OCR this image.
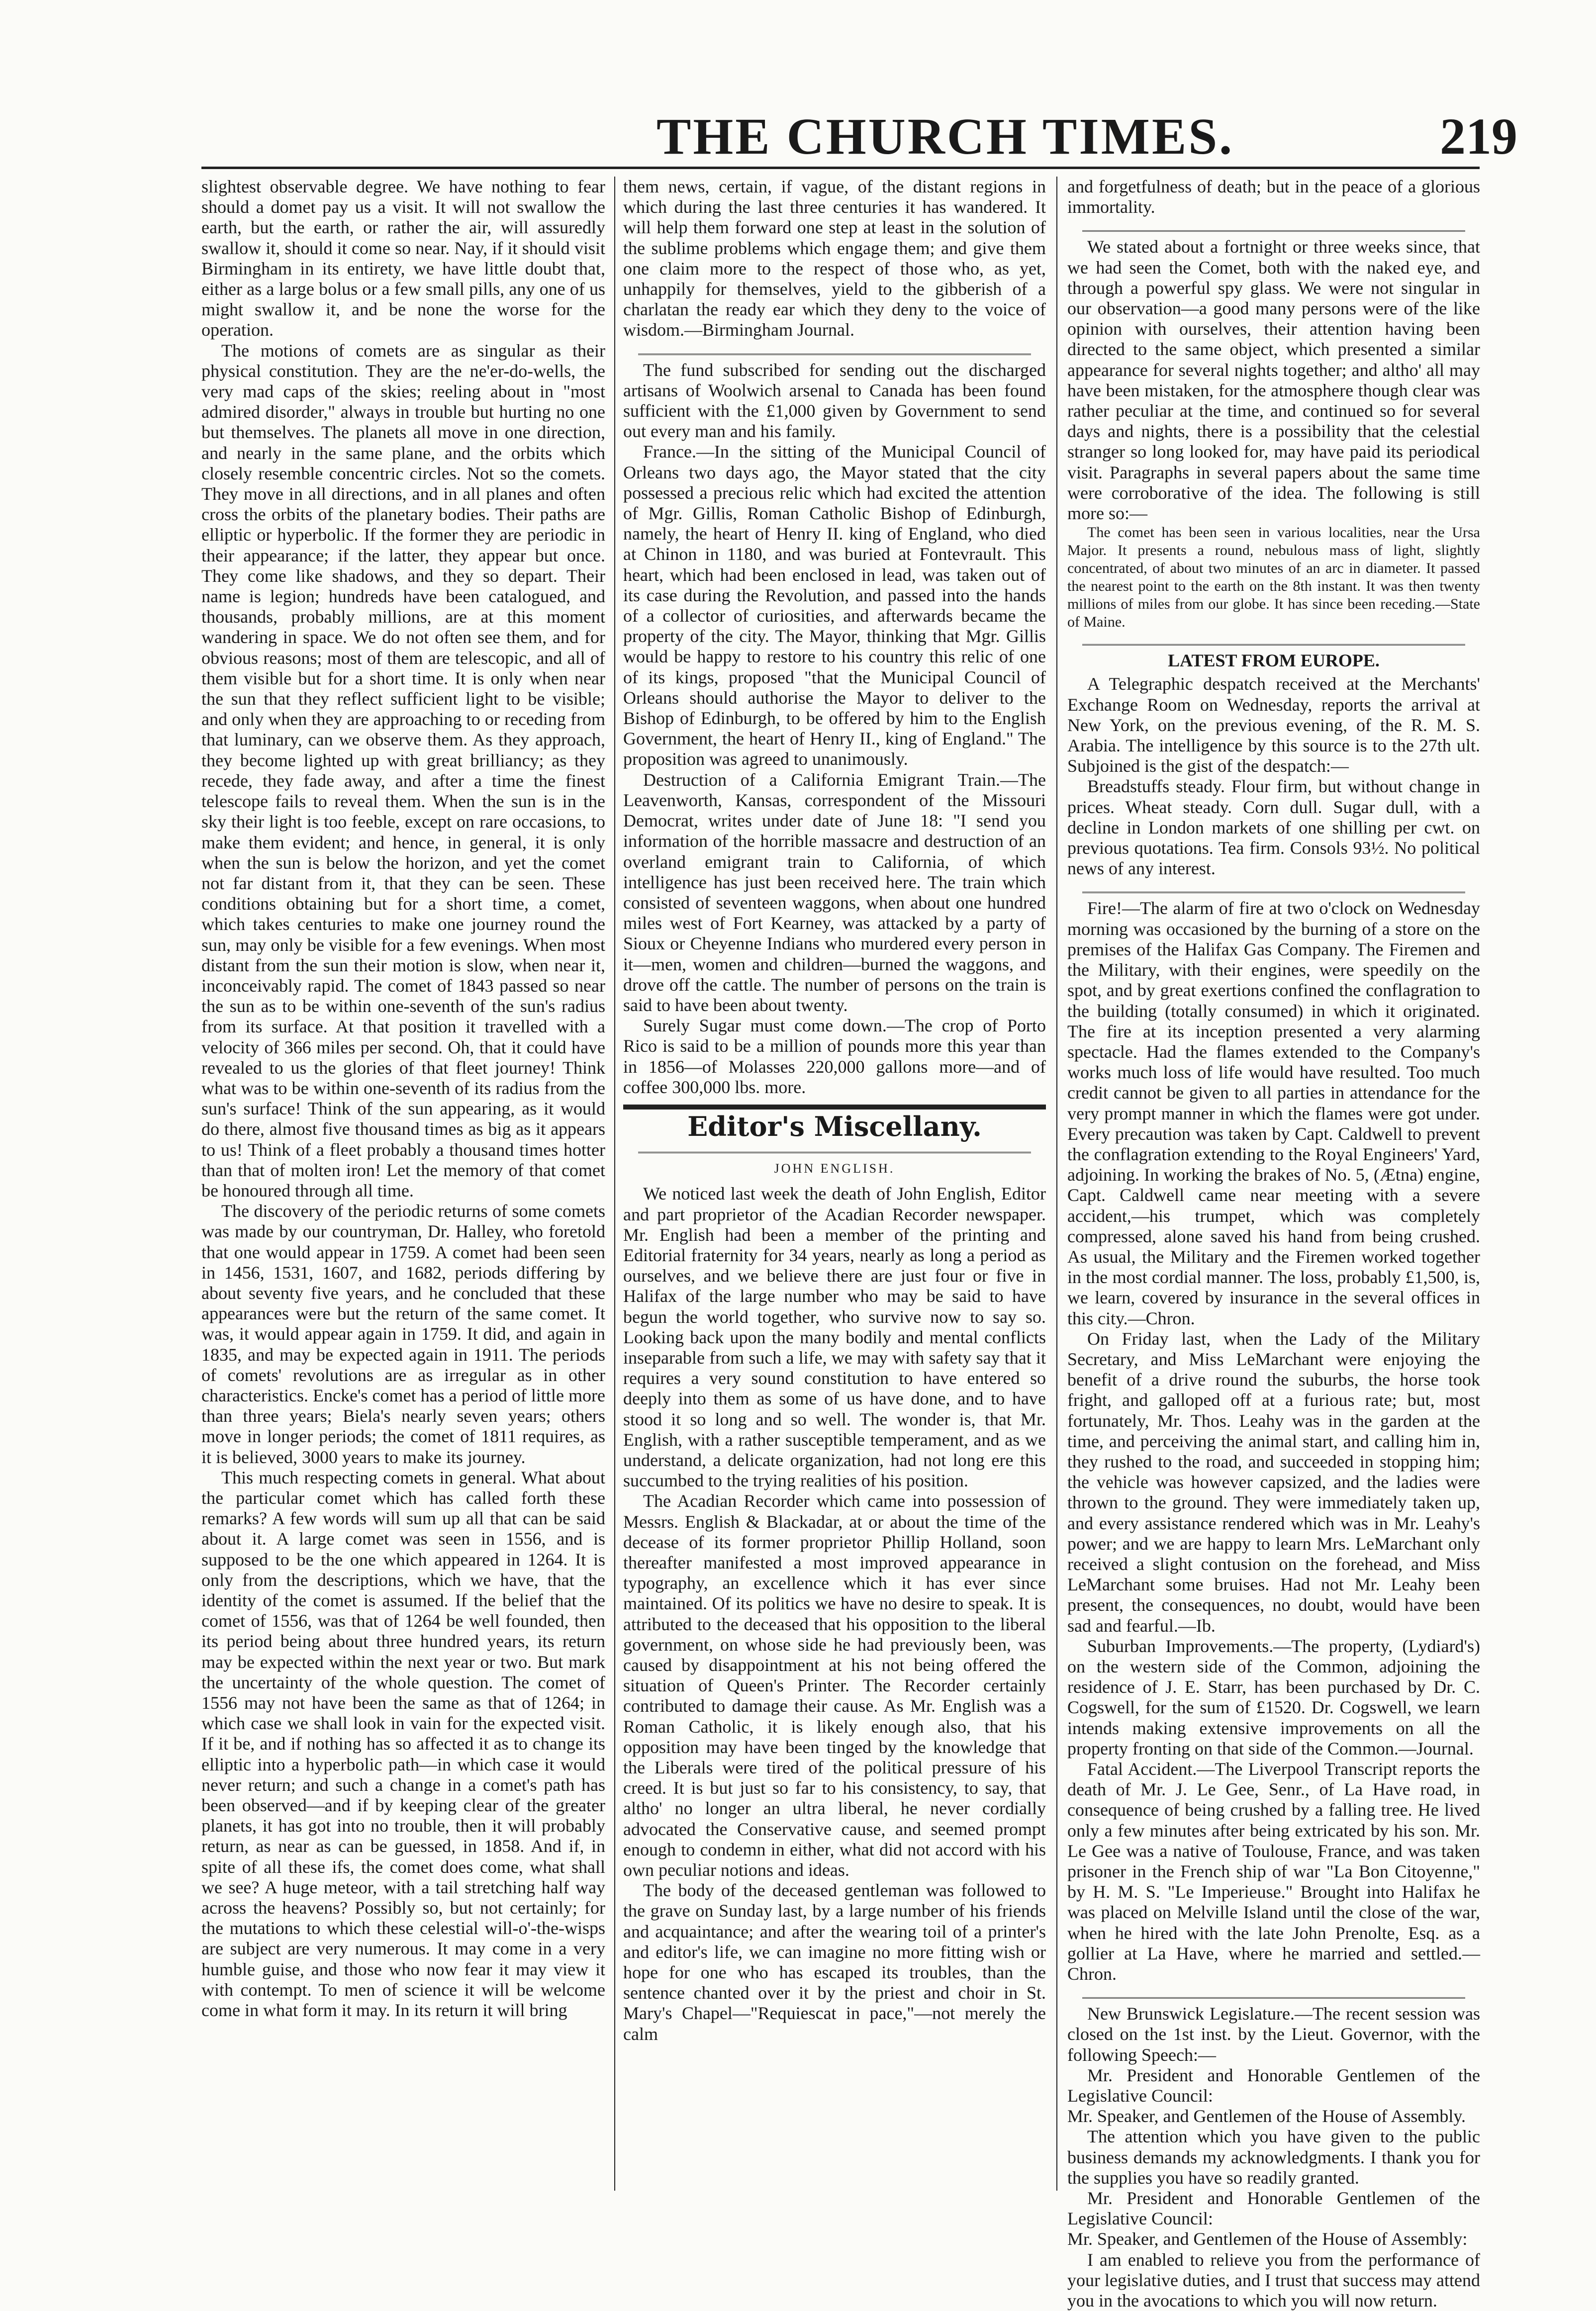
THE CHURCH TIMES.	219

slightest observable degree. We have nothing to fear should a domet pay us a visit. It will not swallow the earth, but the earth, or rather the air, will assuredly swallow it, should it come so near. Nay, if it should visit Birmingham in its entirety, we have little doubt that, either as a large bolus or a few small pills, any one of us might swallow it, and be none the worse for the operation.

The motions of comets are as singular as their physical constitution. They are the ne'er-do-wells, the very mad caps of the skies; reeling about in "most admired disorder," always in trouble but hurting no one but themselves. The planets all move in one direction, and nearly in the same plane, and the orbits which closely resemble concentric circles. Not so the comets. They move in all directions, and in all planes and often cross the orbits of the planetary bodies. Their paths are elliptic or hyperbolic. If the former they are periodic in their appearance; if the latter, they appear but once. They come like shadows, and they so depart. Their name is legion; hundreds have been catalogued, and thousands, probably millions, are at this moment wandering in space. We do not often see them, and for obvious reasons; most of them are telescopic, and all of them visible but for a short time. It is only when near the sun that they reflect sufficient light to be visible; and only when they are approaching to or receding from that luminary, can we observe them. As they approach, they become lighted up with great brilliancy; as they recede, they fade away, and after a time the finest telescope fails to reveal them. When the sun is in the sky their light is too feeble, except on rare occasions, to make them evident; and hence, in general, it is only when the sun is below the horizon, and yet the comet not far distant from it, that they can be seen. These conditions obtaining but for a short time, a comet, which takes centuries to make one journey round the sun, may only be visible for a few evenings. When most distant from the sun their motion is slow, when near it, inconceivably rapid. The comet of 1843 passed so near the sun as to be within one-seventh of the sun's radius from its surface. At that position it travelled with a velocity of 366 miles per second. Oh, that it could have revealed to us the glories of that fleet journey! Think what was to be within one-seventh of its radius from the sun's surface! Think of the sun appearing, as it would do there, almost five thousand times as big as it appears to us! Think of a fleet probably a thousand times hotter than that of molten iron! Let the memory of that comet be honoured through all time.

The discovery of the periodic returns of some comets was made by our countryman, Dr. Halley, who foretold that one would appear in 1759. A comet had been seen in 1456, 1531, 1607, and 1682, periods differing by about seventy five years, and he concluded that these appearances were but the return of the same comet. It was, it would appear again in 1759. It did, and again in 1835, and may be expected again in 1911. The periods of comets' revolutions are as irregular as in other characteristics. Encke's comet has a period of little more than three years; Biela's nearly seven years; others move in longer periods; the comet of 1811 requires, as it is believed, 3000 years to make its journey.

This much respecting comets in general. What about the particular comet which has called forth these remarks? A few words will sum up all that can be said about it. A large comet was seen in 1556, and is supposed to be the one which appeared in 1264. It is only from the descriptions, which we have, that the identity of the comet is assumed. If the belief that the comet of 1556, was that of 1264 be well founded, then its period being about three hundred years, its return may be expected within the next year or two. But mark the uncertainty of the whole question. The comet of 1556 may not have been the same as that of 1264; in which case we shall look in vain for the expected visit. If it be, and if nothing has so affected it as to change its elliptic into a hyperbolic path—in which case it would never return; and such a change in a comet's path has been observed—and if by keeping clear of the greater planets, it has got into no trouble, then it will probably return, as near as can be guessed, in 1858. And if, in spite of all these ifs, the comet does come, what shall we see? A huge meteor, with a tail stretching half way across the heavens? Possibly so, but not certainly; for the mutations to which these celestial will-o'-the-wisps are subject are very numerous. It may come in a very humble guise, and those who now fear it may view it with contempt. To men of science it will be welcome come in what form it may. In its return it will bring

them news, certain, if vague, of the distant regions in which during the last three centuries it has wandered. It will help them forward one step at least in the solution of the sublime problems which engage them; and give them one claim more to the respect of those who, as yet, unhappily for themselves, yield to the gibberish of a charlatan the ready ear which they deny to the voice of wisdom.—Birmingham Journal.

The fund subscribed for sending out the discharged artisans of Woolwich arsenal to Canada has been found sufficient with the £1,000 given by Government to send out every man and his family.

France.—In the sitting of the Municipal Council of Orleans two days ago, the Mayor stated that the city possessed a precious relic which had excited the attention of Mgr. Gillis, Roman Catholic Bishop of Edinburgh, namely, the heart of Henry II. king of England, who died at Chinon in 1180, and was buried at Fontevrault. This heart, which had been enclosed in lead, was taken out of its case during the Revolution, and passed into the hands of a collector of curiosities, and afterwards became the property of the city. The Mayor, thinking that Mgr. Gillis would be happy to restore to his country this relic of one of its kings, proposed "that the Municipal Council of Orleans should authorise the Mayor to deliver to the Bishop of Edinburgh, to be offered by him to the English Government, the heart of Henry II., king of England." The proposition was agreed to unanimously.

Destruction of a California Emigrant Train.—The Leavenworth, Kansas, correspondent of the Missouri Democrat, writes under date of June 18: "I send you information of the horrible massacre and destruction of an overland emigrant train to California, of which intelligence has just been received here. The train which consisted of seventeen waggons, when about one hundred miles west of Fort Kearney, was attacked by a party of Sioux or Cheyenne Indians who murdered every person in it—men, women and children—burned the waggons, and drove off the cattle. The number of persons on the train is said to have been about twenty.

Surely Sugar must come down.—The crop of Porto Rico is said to be a million of pounds more this year than in 1856—of Molasses 220,000 gallons more—and of coffee 300,000 lbs. more.

Editor's Miscellany.

JOHN ENGLISH.

We noticed last week the death of John English, Editor and part proprietor of the Acadian Recorder newspaper. Mr. English had been a member of the printing and Editorial fraternity for 34 years, nearly as long a period as ourselves, and we believe there are just four or five in Halifax of the large number who may be said to have begun the world together, who survive now to say so. Looking back upon the many bodily and mental conflicts inseparable from such a life, we may with safety say that it requires a very sound constitution to have entered so deeply into them as some of us have done, and to have stood it so long and so well. The wonder is, that Mr. English, with a rather susceptible temperament, and as we understand, a delicate organization, had not long ere this succumbed to the trying realities of his position.

The Acadian Recorder which came into possession of Messrs. English & Blackadar, at or about the time of the decease of its former proprietor Phillip Holland, soon thereafter manifested a most improved appearance in typography, an excellence which it has ever since maintained. Of its politics we have no desire to speak. It is attributed to the deceased that his opposition to the liberal government, on whose side he had previously been, was caused by disappointment at his not being offered the situation of Queen's Printer. The Recorder certainly contributed to damage their cause. As Mr. English was a Roman Catholic, it is likely enough also, that his opposition may have been tinged by the knowledge that the Liberals were tired of the political pressure of his creed. It is but just so far to his consistency, to say, that altho' no longer an ultra liberal, he never cordially advocated the Conservative cause, and seemed prompt enough to condemn in either, what did not accord with his own peculiar notions and ideas.

The body of the deceased gentleman was followed to the grave on Sunday last, by a large number of his friends and acquaintance; and after the wearing toil of a printer's and editor's life, we can imagine no more fitting wish or hope for one who has escaped its troubles, than the sentence chanted over it by the priest and choir in St. Mary's Chapel—"Requiescat in pace,"—not merely the calm

and forgetfulness of death; but in the peace of a glorious immortality.

We stated about a fortnight or three weeks since, that we had seen the Comet, both with the naked eye, and through a powerful spy glass. We were not singular in our observation—a good many persons were of the like opinion with ourselves, their attention having been directed to the same object, which presented a similar appearance for several nights together; and altho' all may have been mistaken, for the atmosphere though clear was rather peculiar at the time, and continued so for several days and nights, there is a possibility that the celestial stranger so long looked for, may have paid its periodical visit. Paragraphs in several papers about the same time were corroborative of the idea. The following is still more so:—

The comet has been seen in various localities, near the Ursa Major. It presents a round, nebulous mass of light, slightly concentrated, of about two minutes of an arc in diameter. It passed the nearest point to the earth on the 8th instant. It was then twenty millions of miles from our globe. It has since been receding.—State of Maine.

LATEST FROM EUROPE.

A Telegraphic despatch received at the Merchants' Exchange Room on Wednesday, reports the arrival at New York, on the previous evening, of the R. M. S. Arabia. The intelligence by this source is to the 27th ult. Subjoined is the gist of the despatch:—

Breadstuffs steady. Flour firm, but without change in prices. Wheat steady. Corn dull. Sugar dull, with a decline in London markets of one shilling per cwt. on previous quotations. Tea firm. Consols 93½. No political news of any interest.

Fire!—The alarm of fire at two o'clock on Wednesday morning was occasioned by the burning of a store on the premises of the Halifax Gas Company. The Firemen and the Military, with their engines, were speedily on the spot, and by great exertions confined the conflagration to the building (totally consumed) in which it originated. The fire at its inception presented a very alarming spectacle. Had the flames extended to the Company's works much loss of life would have resulted. Too much credit cannot be given to all parties in attendance for the very prompt manner in which the flames were got under. Every precaution was taken by Capt. Caldwell to prevent the conflagration extending to the Royal Engineers' Yard, adjoining. In working the brakes of No. 5, (Ætna) engine, Capt. Caldwell came near meeting with a severe accident,—his trumpet, which was completely compressed, alone saved his hand from being crushed. As usual, the Military and the Firemen worked together in the most cordial manner. The loss, probably £1,500, is, we learn, covered by insurance in the several offices in this city.—Chron.

On Friday last, when the Lady of the Military Secretary, and Miss LeMarchant were enjoying the benefit of a drive round the suburbs, the horse took fright, and galloped off at a furious rate; but, most fortunately, Mr. Thos. Leahy was in the garden at the time, and perceiving the animal start, and calling him in, they rushed to the road, and succeeded in stopping him; the vehicle was however capsized, and the ladies were thrown to the ground. They were immediately taken up, and every assistance rendered which was in Mr. Leahy's power; and we are happy to learn Mrs. LeMarchant only received a slight contusion on the forehead, and Miss LeMarchant some bruises. Had not Mr. Leahy been present, the consequences, no doubt, would have been sad and fearful.—Ib.

Suburban Improvements.—The property, (Lydiard's) on the western side of the Common, adjoining the residence of J. E. Starr, has been purchased by Dr. C. Cogswell, for the sum of £1520. Dr. Cogswell, we learn intends making extensive improvements on all the property fronting on that side of the Common.—Journal.

Fatal Accident.—The Liverpool Transcript reports the death of Mr. J. Le Gee, Senr., of La Have road, in consequence of being crushed by a falling tree. He lived only a few minutes after being extricated by his son. Mr. Le Gee was a native of Toulouse, France, and was taken prisoner in the French ship of war "La Bon Citoyenne," by H. M. S. "Le Imperieuse." Brought into Halifax he was placed on Melville Island until the close of the war, when he hired with the late John Prenolte, Esq. as a gollier at La Have, where he married and settled.—Chron.

New Brunswick Legislature.—The recent session was closed on the 1st inst. by the Lieut. Governor, with the following Speech:—

Mr. President and Honorable Gentlemen of the Legislative Council:
Mr. Speaker, and Gentlemen of the House of Assembly.

The attention which you have given to the public business demands my acknowledgments. I thank you for the supplies you have so readily granted.

Mr. President and Honorable Gentlemen of the Legislative Council:
Mr. Speaker, and Gentlemen of the House of Assembly:

I am enabled to relieve you from the performance of your legislative duties, and I trust that success may attend you in the avocations to which you will now return.
